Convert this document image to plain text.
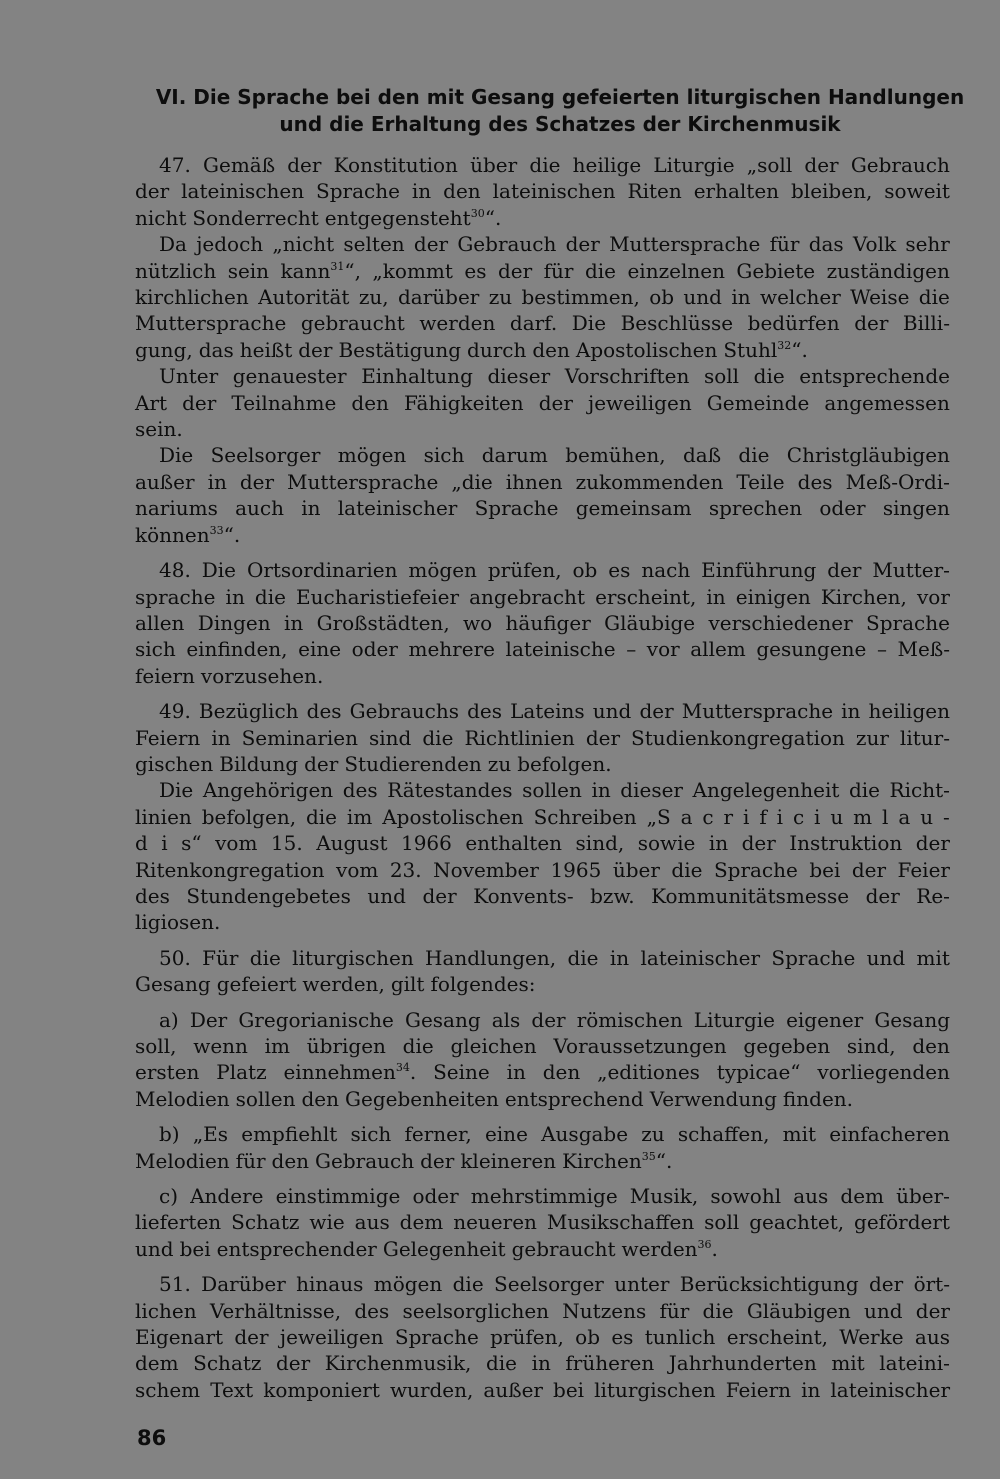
VI. Die Sprache bei den mit Gesang gefeierten liturgischen Handlungen
und die Erhaltung des Schatzes der Kirchenmusik
47. Gemäß der Konstitution über die heilige Liturgie „soll der Gebrauch
der lateinischen Sprache in den lateinischen Riten erhalten bleiben, soweit
nicht Sonderrecht entgegensteht$^{30}$“.
Da jedoch „nicht selten der Gebrauch der Muttersprache für das Volk sehr
nützlich sein kann$^{31}$“, „kommt es der für die einzelnen Gebiete zuständigen
kirchlichen Autorität zu, darüber zu bestimmen, ob und in welcher Weise die
Muttersprache gebraucht werden darf. Die Beschlüsse bedürfen der Billi-
gung, das heißt der Bestätigung durch den Apostolischen Stuhl$^{32}$“.
Unter genauester Einhaltung dieser Vorschriften soll die entsprechende
Art der Teilnahme den Fähigkeiten der jeweiligen Gemeinde angemessen
sein.
Die Seelsorger mögen sich darum bemühen, daß die Christgläubigen
außer in der Muttersprache „die ihnen zukommenden Teile des Meß-Ordi-
nariums auch in lateinischer Sprache gemeinsam sprechen oder singen
können$^{33}$“.
48. Die Ortsordinarien mögen prüfen, ob es nach Einführung der Mutter-
sprache in die Eucharistiefeier angebracht erscheint, in einigen Kirchen, vor
allen Dingen in Großstädten, wo häufiger Gläubige verschiedener Sprache
sich einfinden, eine oder mehrere lateinische – vor allem gesungene – Meß-
feiern vorzusehen.
49. Bezüglich des Gebrauchs des Lateins und der Muttersprache in heiligen
Feiern in Seminarien sind die Richtlinien der Studienkongregation zur litur-
gischen Bildung der Studierenden zu befolgen.
Die Angehörigen des Rätestandes sollen in dieser Angelegenheit die Richt-
linien befolgen, die im Apostolischen Schreiben „S a c r i f i c i u m l a u -
d i s“ vom 15. August 1966 enthalten sind, sowie in der Instruktion der
Ritenkongregation vom 23. November 1965 über die Sprache bei der Feier
des Stundengebetes und der Konvents- bzw. Kommunitätsmesse der Re-
ligiosen.
50. Für die liturgischen Handlungen, die in lateinischer Sprache und mit
Gesang gefeiert werden, gilt folgendes:
a) Der Gregorianische Gesang als der römischen Liturgie eigener Gesang
soll, wenn im übrigen die gleichen Voraussetzungen gegeben sind, den
ersten Platz einnehmen$^{34}$. Seine in den „editiones typicae“ vorliegenden
Melodien sollen den Gegebenheiten entsprechend Verwendung finden.
b) „Es empfiehlt sich ferner, eine Ausgabe zu schaffen, mit einfacheren
Melodien für den Gebrauch der kleineren Kirchen$^{35}$“.
c) Andere einstimmige oder mehrstimmige Musik, sowohl aus dem über-
lieferten Schatz wie aus dem neueren Musikschaffen soll geachtet, gefördert
und bei entsprechender Gelegenheit gebraucht werden$^{36}$.
51. Darüber hinaus mögen die Seelsorger unter Berücksichtigung der ört-
lichen Verhältnisse, des seelsorglichen Nutzens für die Gläubigen und der
Eigenart der jeweiligen Sprache prüfen, ob es tunlich erscheint, Werke aus
dem Schatz der Kirchenmusik, die in früheren Jahrhunderten mit lateini-
schem Text komponiert wurden, außer bei liturgischen Feiern in lateinischer
86
